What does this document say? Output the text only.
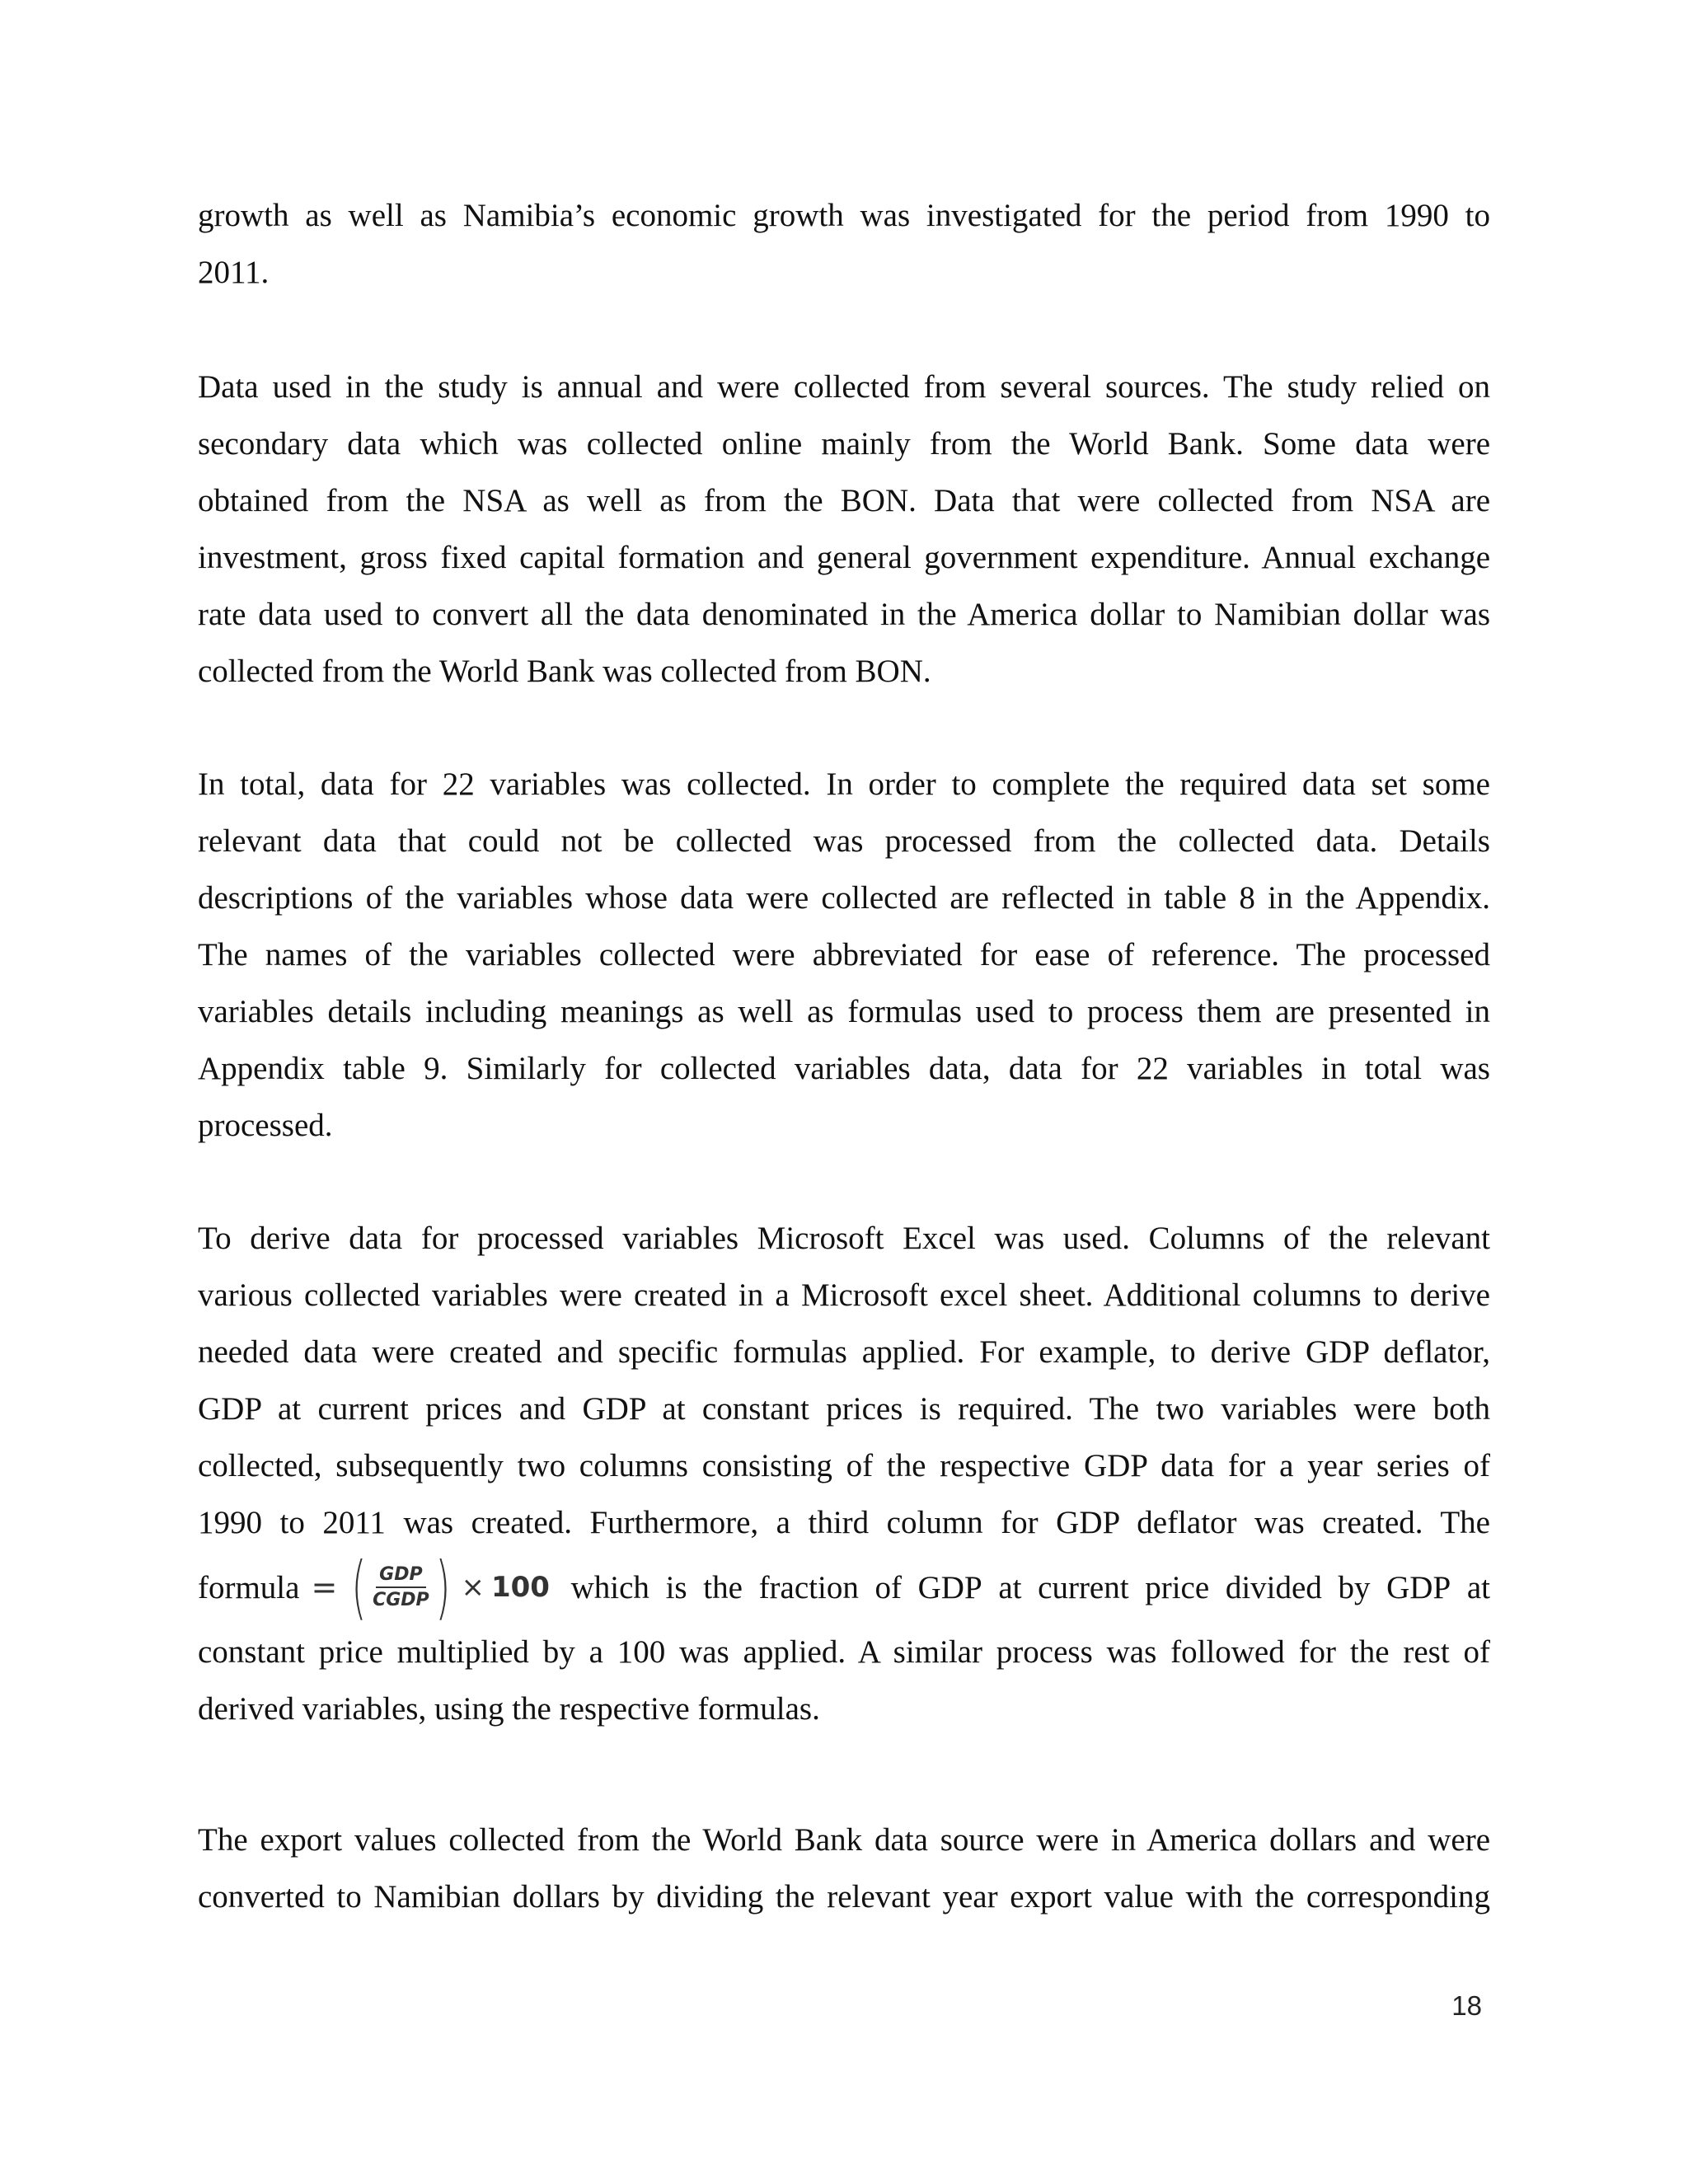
growth as well as Namibia’s economic growth was investigated for the period from 1990 to
2011.

Data used in the study is annual and were collected from several sources. The study relied on
secondary data which was collected online mainly from the World Bank. Some data were
obtained from the NSA as well as from the BON. Data that were collected from NSA are
investment, gross fixed capital formation and general government expenditure. Annual exchange
rate data used to convert all the data denominated in the America dollar to Namibian dollar was
collected from the World Bank was collected from BON.

In total, data for 22 variables was collected. In order to complete the required data set some
relevant data that could not be collected was processed from the collected data. Details
descriptions of the variables whose data were collected are reflected in table 8 in the Appendix.
The names of the variables collected were abbreviated for ease of reference. The processed
variables details including meanings as well as formulas used to process them are presented in
Appendix table 9. Similarly for collected variables data, data for 22 variables in total was
processed.

To derive data for processed variables Microsoft Excel was used. Columns of the relevant
various collected variables were created in a Microsoft excel sheet. Additional columns to derive
needed data were created and specific formulas applied. For example, to derive GDP deflator,
GDP at current prices and GDP at constant prices is required. The two variables were both
collected, subsequently two columns consisting of the respective GDP data for a year series of
1990 to 2011 was created. Furthermore, a third column for GDP deflator was created. The
formula = ( $\frac{\text{GDP}}{\text{CGDP}}$ ) × 100 which is the fraction of GDP at current price divided by GDP at
constant price multiplied by a 100 was applied. A similar process was followed for the rest of
derived variables, using the respective formulas.

The export values collected from the World Bank data source were in America dollars and were
converted to Namibian dollars by dividing the relevant year export value with the corresponding

18
